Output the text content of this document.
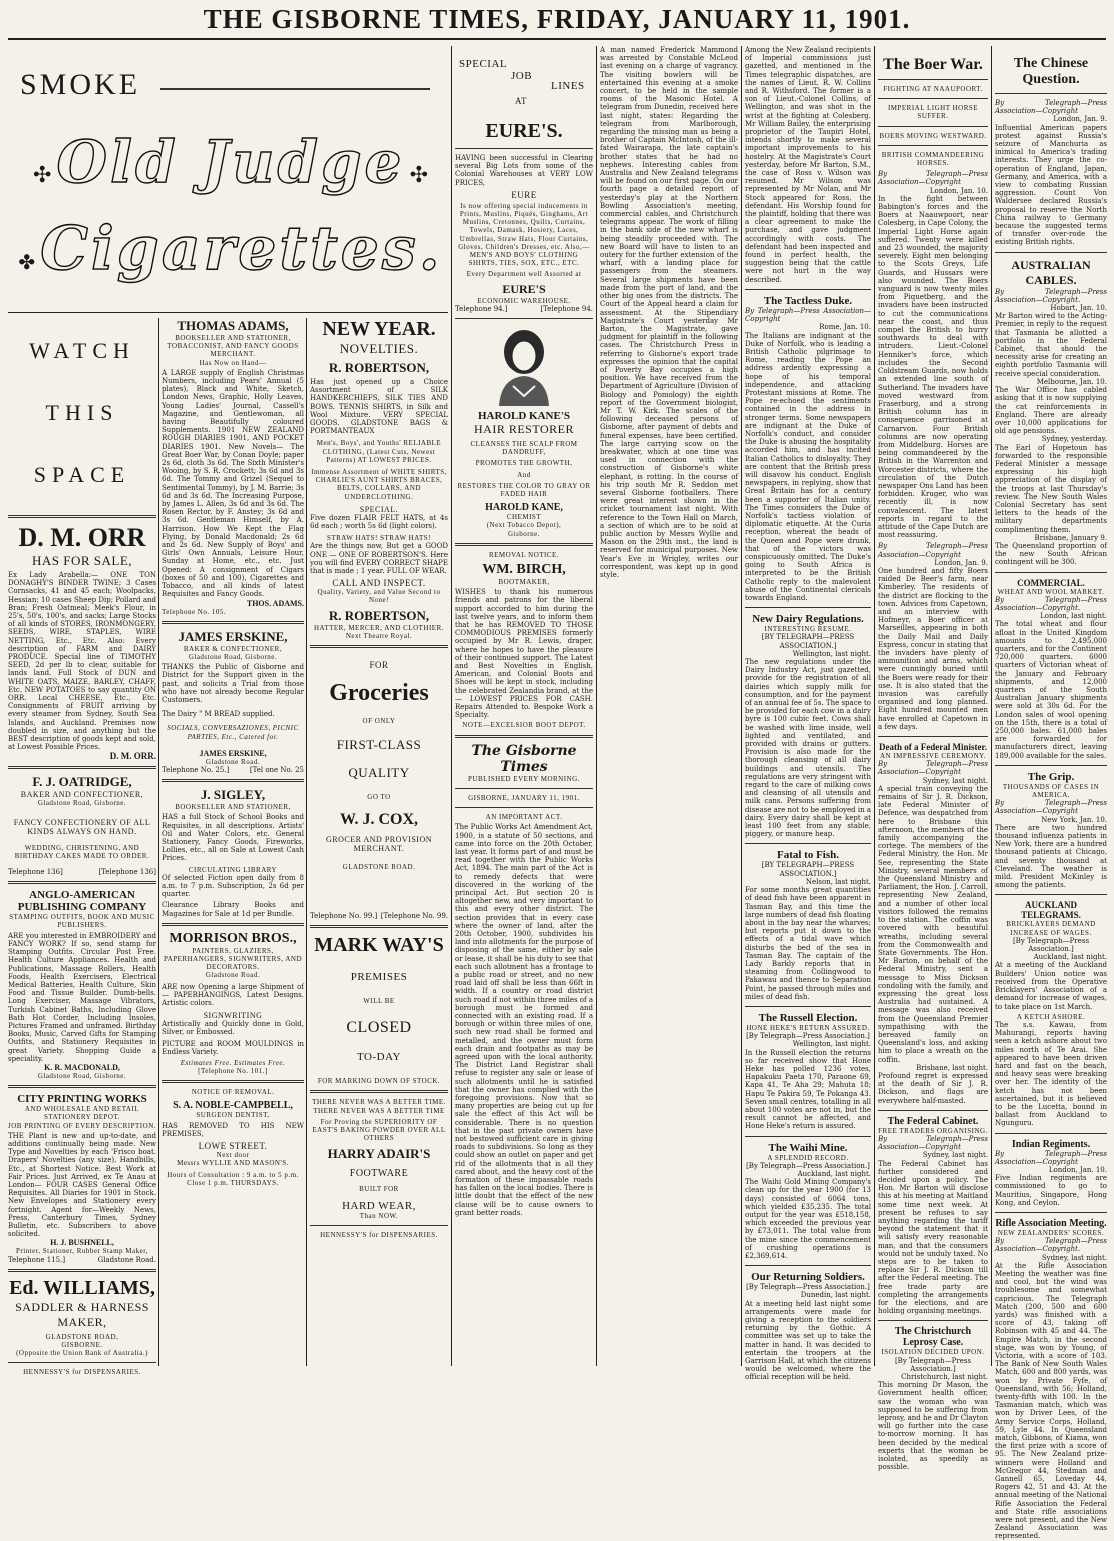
THE GISBORNE TIMES, FRIDAY, JANUARY 11, 1901.
SMOKE
✣ Old Judge ✣
✤ Cigarettes.
WATCH
THIS
SPACE
D. M. ORR
HAS FOR SALE,
Ex Lady Arabella:— ONE TON DONAGHY'S BINDER TWINE; 3 Cases Cornsacks, 41 and 45 each; Woolpacks, Hessian; 10 cases Sheep Dip; Pollard and Bran; Fresh Oatmeal; Meek's Flour, in 25's, 50's, 100's, and sacks; Large Stocks of all kinds of STORES, IRONMONGERY, SEEDS, WIRE, STAPLES, WIRE NETTING, Etc., Etc. Also: Every description of FARM and DAIRY PRODUCE. Special line of TIMOTHY SEED, 2d per lb to clear, suitable for lands land. Full Stock of DUN and WHITE OATS, MAIZE, BARLEY, CHAFF, Etc. NEW POTATOES to say quantity ON ORR. Local CHEESE, Etc., Etc. Consignments of FRUIT arriving by every steamer from Sydney, South Sea Islands, and Auckland. Premises now doubled in size, and anything but the BEST description of goods kept and sold, at Lowest Possible Prices.
D. M. ORR.
F. J. OATRIDGE,
BAKER AND CONFECTIONER,
Gladstone Road, Gisborne.
FANCY CONFECTIONERY OF ALL KINDS ALWAYS ON HAND.
WEDDING, CHRISTENING, AND BIRTHDAY CAKES MADE TO ORDER.
Telephone 136]	[Telephone 136]
ANGLO-AMERICAN PUBLISHING COMPANY
STAMPING OUTFITS, BOOK AND MUSIC PUBLISHERS.
ARE you interested in EMBROIDERY and FANCY WORK? If so, send stamp for Stamping Outfits. Circular Post Free. Health Culture Appliances. Health and Publications, Massage Rollers, Health Foods, Health Exercisers, Electrical Medical Batteries, Health Culture, Skin Food and Tissue Builder. Dumb-bells. Long Exerciser, Massage Vibrators, Turkish Cabinet Baths, Including Glove Bath Hot Corder, Including Insoles, Pictures Framed and unframed. Birthday Books, Music, Carved Gifts for Stamping Outfits, and Stationery Requisites in great Variety. Shopping Guide a speciality.
K. R. MACDONALD,
Gladstone Road, Gisborne.
CITY PRINTING WORKS
AND WHOLESALE AND RETAIL STATIONERY DEPOT.
JOB PRINTING OF EVERY DESCRIPTION.
THE Plant is new and up-to-date, and additions continually being made. New Type and Novelties by each 'Frisco boat. Drapers' Novelties (any size), Handbills, Etc., at Shortest Notice. Best Work at Fair Prices. Just Arrived, ex Te Anau at London— FOUR CASES General Office Requisites. All Diaries for 1901 in Stock. New Envelopes and Stationery every fortnight. Agent for—Weekly News, Press, Canterbury Times, Sydney Bulletin, etc. Subscribers to above solicited.
H. J. BUSHNELL,
Printer, Stationer, Rubber Stamp Maker,
Telephone 115.]	Gladstone Road.
Ed. WILLIAMS,
SADDLER & HARNESS MAKER,
GLADSTONE ROAD,
GISBORNE.
(Opposite the Union Bank of Australia.)
HENNESSY'S for DISPENSARIES.
THOMAS ADAMS,
BOOKSELLER AND STATIONER, TOBACCONIST, AND FANCY GOODS MERCHANT.
Has Now on Hand—
A LARGE supply of English Christmas Numbers, including Pears' Annual (5 plates), Black and White, Sketch, London News, Graphic, Holly Leaves, Young Ladies' Journal, Cassell's Magazine, and Gentlewoman, all having Beautifully coloured Supplements. 1901 NEW ZEALAND ROUGH DIARIES 1901, AND POCKET DIARIES 1901. New Novels— The Great Boer War, by Conan Doyle; paper 2s 6d, cloth 3s 6d. The Sixth Minister's Wooing, by S. R. Crockett; 3s 6d and 3s 6d. The Tommy and Grizel (Sequel to Sentimental Tommy), by J. M. Barrie; 3s 6d and 3s 6d. The Increasing Purpose, by James L. Allen, 3s 6d and 3s 6d. The Rosen Rector, by F. Anstey; 3s 6d and 3s 6d. Gentleman Himself, by A. Harrison. How We Kept the Flag Flying, by Donald Macdonald; 2s 6d and 2s 6d. New Supply of Boys' and Girls' Own Annuals, Leisure Hour, Sunday at Home, etc., etc. Just Opened: A consignment of Cigars (boxes of 50 and 100), Cigarettes and Tobacco, and all kinds of latest Requisites and Fancy Goods.
THOS. ADAMS.
Telephone No. 105.
JAMES ERSKINE,
BAKER & CONFECTIONER,
Gladstone Road, Gisborne.
THANKS the Public of Gisborne and District for the Support given in the past, and solicits a Trial from those who have not already become Regular Customers.
The Dairy " M BREAD supplied.
SOCIALS, CONVERSAZIONES, PICNIC PARTIES, Etc., Catered for.
JAMES ERSKINE,
Gladstone Road.
Telephone No. 25.]	[Tel one No. 25
J. SIGLEY,
BOOKSELLER AND STATIONER,
HAS a full Stock of School Books and Requisites, in all descriptions. Artists' Oil and Water Colors, etc. General Stationery, Fancy Goods, Fireworks, Lollies, etc., all on Sale at Lowest Cash Prices.
CIRCULATING LIBRARY
Of selected Fiction open daily from 8 a.m. to 7 p.m. Subscription, 2s 6d per quarter.
Clearance Library Books and Magazines for Sale at 1d per Bundle.
MORRISON BROS.,
PAINTERS, GLAZIERS, PAPERHANGERS, SIGNWRITERS, AND DECORATORS.
Gladstone Road.
ARE now Opening a large Shipment of— PAPERHANGINGS, Latest Designs. Artistic colors.
SIGNWRITING
Artistically and Quickly done in Gold, Silver, or Embossed.
PICTURE and ROOM MOULDINGS in Endless Variety.
Estimates Free. Estimates Free.
[Telephone No. 101.]
NOTICE OF REMOVAL.
S. A. NOBLE-CAMPBELL,
SURGEON DENTIST,
HAS REMOVED TO HIS NEW PREMISES,
LOWE STREET.
Next door
Messrs WYLLIE AND MASON'S.
Hours of Consultation : 9 a.m. to 5 p.m.
Close 1 p.m. THURSDAYS.
NEW YEAR.
NOVELTIES.
R. ROBERTSON,
Has just opened up a Choice Assortment of SILK HANDKERCHIEFS, SILK TIES AND BOWS. TENNIS SHIRTS, in Silk and Wool Mixture. VERY SPECIAL GOODS. GLADSTONE BAGS & PORTMANTEAUX
Men's, Boys', and Youths' RELIABLE CLOTHING, (Latest Cuts, Newest Patterns) AT LOWEST PRICES.
Immense Assortment of WHITE SHIRTS, CHARLIE'S AUNT SHIRTS BRACES, BELTS, COLLARS, AND UNDERCLOTHING.
SPECIAL.
Five dozen FLAIR FELT HATS, at 4s 6d each ; worth 5s 6d (light colors).
STRAW HATS! STRAW HATS!
Are the things now, But get a GOOD ONE — ONE OF ROBERTSON'S. Here you will find EVERY CORRECT SHAPE that is made ; 1 year. FULL OF WEAR.
CALL AND INSPECT.
Quality, Variety, and Value Second to None!
R. ROBERTSON,
HATTER, MERCER, AND CLOTHIER. Next Theatre Royal.
FOR
Groceries
OF ONLY
FIRST-CLASS
QUALITY
GO TO
W. J. COX,
GROCER AND PROVISION MERCHANT.
GLADSTONE ROAD.
Telephone No. 99.] [Telephone No. 99.
MARK WAY'S
PREMISES
WILL BE
CLOSED
TO-DAY
FOR MARKING DOWN OF STOCK.
THERE NEVER WAS A BETTER TIME. THERE NEVER WAS A BETTER TIME
For Proving the SUPERIORITY OF EAST'S BAKING POWDER OVER ALL OTHERS
HARRY ADAIR'S
FOOTWARE
BUILT FOR
HARD WEAR,
Than NOW.
HENNESSY'S for DISPENSARIES.
SPECIAL
JOB
LINES
AT
EURE'S.
HAVING been successful in Clearing several Big Lots from some of the Colonial Warehouses at VERY LOW PRICES,
EURE
Is now offering special inducements in Prints, Muslins, Piqués, Ginghams, Art Muslins, Cretonnes, Quilts, Curtains, Towels, Damask, Hosiery, Laces, Umbrellas, Straw Hats, Flour Curtains, Gloves, Children's Dresses, etc. Also,— MEN'S AND BOYS' CLOTHING SHIRTS, TIES, SOX, ETC., ETC.
Every Department well Assorted at
EURE'S
ECONOMIC WAREHOUSE.
Telephone 94.]	[Telephone 94.
A man named Frederick Mammond was arrested by Constable McLeod last evening on a charge of vagrancy. The visiting bowlers will be entertained this evening at a smoke concert, to be held in the sample rooms of the Masonic Hotel. A telegram from Dunedin, received here last night, states: Regarding the telegram from Marlborough, regarding the missing man as being a brother of Captain McIntosh, of the ill-fated Wairarapa, the late captain's brother states that he had no nephews. Interesting cables from Australia and New Zealand telegrams will be found on our first page. On our fourth page a detailed report of yesterday's play at the Northern Bowling Association's meeting, commercial cables, and Christchurch telegrams appear. The work of filling in the bank side of the new wharf is being steadily proceeded with. The new Board will have to listen to an outery for the further extension of the wharf, with a landing place for passengers from the steamers. Several large shipments have been made from the port of land, and the other big ones from the districts. The Court of the Appeal heard a claim for assessment. At the Stipendiary Magistrate's Court yesterday Mr Barton, the Magistrate, gave judgment for plaintiff in the following cases. The Christchurch Press in referring to Gisborne's export trade expresses the opinion that the capital of Poverty Bay occupies a high position. We have received from the Department of Agriculture (Division of Biology and Pomology) the eighth report of the Government biologist, Mr T. W. Kirk. The scales of the following deceased persons of Gisborne, after payment of debts and funeral expenses, have been certified. The large carrying scow on the breakwater, which at one time was used in connection with the construction of Gisborne's white elephant, is rotting. In the course of his trip south Mr R. Seddon met several Gisborne footballers. There were great interest shown in the cricket tournament last night. With reference to the Town Hall on March, a section of which are to be sold at public auction by Messrs Wyllie and Mason on the 29th inst., the land is reserved for municipal purposes. New Year's Eve in Wrigley, writes our correspondent, was kept up in good style.
HAROLD KANE'S
HAIR RESTORER
CLEANSES THE SCALP FROM DANDRUFF,
PROMOTES THE GROWTH,
And
RESTORES THE COLOR TO GRAY OR FADED HAIR
HAROLD KANE,
CHEMIST
(Next Tobacco Depot),
Gisborne.
REMOVAL NOTICE.
WM. BIRCH,
BOOTMAKER,
WISHES to thank his numerous friends and patrons for the liberal support accorded to him during the last twelve years, and to inform them that he has REMOVED TO THOSE COMMODIOUS PREMISES formerly occupied by Mr R. Lewis, draper, where he hopes to have the pleasure of their continued support. The Latest and Best Novelties in English, American, and Colonial Boots and Shoes will be kept in stock, including the celebrated Zealandia brand, at the— LOWEST PRICES FOR CASH. Repairs Attended to. Bespoke Work a Specialty.
NOTE—EXCELSIOR BOOT DEPOT.
The Gisborne Times
PUBLISHED EVERY MORNING.
GISBORNE, JANUARY 11, 1901.
AN IMPORTANT ACT.
The Public Works Act Amendment Act, 1900, is a statute of 50 sections, and came into force on the 20th October, last year. It forms part of and must be read together with the Public Works Act, 1894. The main part of the Act is to remedy defects that were discovered in the working of the principal Act. But section 20 is altogether new, and very important to this and every other district. The section provides that in every case where the owner of land, after the 20th October, 1900, subdivides his land into allotments for the purpose of disposing of the same, either by sale or lease, it shall be his duty to see that each such allotment has a frontage to a public road or street, and no new road laid off shall be less than 66ft in width. If a country or road district such road if not within three miles of a borough must be formed and connected with an existing road. If a borough or within three miles of one, such new road shall be formed and metalled, and the owner must form each drain and footpaths as may be agreed upon with the local authority. The District Land Registrar shall refuse to register any sale or lease of such allotments until he is satisfied that the owner has complied with the foregoing provisions. Now that so many properties are being cut up for sale the effect of this Act will be considerable. There is no question that in the past private owners have not bestowed sufficient care in giving roads to subdivisions. So long as they could show an outlet on paper and get rid of the allotments that is all they cared about, and the heavy cost of the formation of these impassable roads has fallen on the local bodies. There is little doubt that the effect of the new clause will be to cause owners to grant better roads.
Among the New Zealand recipients of Imperial commissions just gazetted, and mentioned in the Times telegraphic dispatches, are the names of Lieut. R. W. Collins and R. Withsford. The former is a son of Lieut.-Colonel Collins, of Wellington, and was shot in the wrist at the fighting at Colesberg. Mr William Bailey, the enterprising proprietor of the Taupiri Hotel, intends shortly to make several important improvements to his hostelry. At the Magistrate's Court yesterday, before Mr Barton, S.M., the case of Ross v. Wilson was resumed. Mr Wilson was represented by Mr Nolan, and Mr Stock appeared for Ross, the defendant. His Worship found for the plaintiff, holding that there was a clear agreement to make the purchase, and gave judgment accordingly with costs. The defendant had been inspected and found in perfect health, the suggestion being that the cattle were not hurt in the way described.
The Tactless Duke.
By Telegraph—Press Association—Copyright
Rome, Jan. 10.
The Italians are indignant at the Duke of Norfolk, who is leading a British Catholic pilgrimage to Rome, reading the Pope an address ardently expressing a hope of his temporal independence, and attacking Protestant missions at Rome. The Pope re-echoed the sentiments contained in the address in stronger terms. Some newspapers are indignant at the Duke of Norfolk's conduct, and consider the Duke is abusing the hospitality accorded him, and has incited Italian Catholics to disloyalty. They are content that the British press will disavow his conduct. English newspapers, in replying, show that Great Britain has for a century been a supporter of Italian unity. The Times considers the Duke of Norfolk's tactless violation of diplomatic etiquette. At the Curia reception, whereat the heads of the Queen and Pope were drunk, that of the victors was conspicuously omitted. The Duke's going to South Africa is interpreted to be the British Catholic reply to the malevolent abuse of the Continental clericals towards England.
New Dairy Regulations.
INTERESTING RESUME.
[BY TELEGRAPH—PRESS ASSOCIATION.]
Wellington, last night.
The new regulations under the Dairy Industry Act, just gazetted, provide for the registration of all dairies which supply milk for consumption, and for the payment of an annual fee of 5s. The space to be provided for each cow in a dairy byre is 100 cubic feet. Cows shall be washed with lime inside, well lighted and ventilated, and provided with drains or gutters. Provision is also made for the thorough cleansing of all dairy buildings and utensils. The regulations are very stringent with regard to the care of milking cows and cleansing of all utensils and milk cans. Persons suffering from disease are not to be employed in a dairy. Every dairy shall be kept at least 100 feet from any stable, piggery, or manure heap.
Fatal to Fish.
[BY TELEGRAPH—PRESS ASSOCIATION.]
Nelson, last night.
For some months great quantities of dead fish have been apparent in Tasman Bay, and this time the large numbers of dead fish floating about in the bay near the wharves; but reports put it down to the effects of a tidal wave which disturbs the bed of the sea in Tasman Bay. The captain of the Lady Barkly reports that in steaming from Collingwood to Pakawau and thence to Separation Point, he passed through miles and miles of dead fish.
The Russell Election.
HONE HEKE'S RETURN ASSURED.
[By Telegraph—Press Association.]
Wellington, last night.
In the Russell election the returns so far received show that Hone Heke has polled 1236 votes, Hapakuku Paeta 170, Paraone 69, Kapa 41, Te Aha 29; Mahuta 18; Hapu Te Pakira 59, Te Pokanga 43. Seven small centres, totalling in all about 100 votes are not in, but the result cannot be affected, and Hone Heke's return is assured.
The Waihi Mine.
A SPLENDID RECORD.
[By Telegraph—Press Association.]
Auckland, last night.
The Waihi Gold Mining Company's clean up for the year 1900 (for 13 days) consisted of 6064 tons, which yielded £35,235. The total output for the year was £518,158, which exceeded the previous year by £73,011. The total value from the mine since the commencement of crushing operations is £2,369,614.
Our Returning Soldiers.
[By Telegraph—Press Association.]
Dunedin, last night.
At a meeting held last night some arrangements were made for giving a reception to the soldiers returning by the Gothic. A committee was set up to take the matter in hand. It was decided to entertain the troopers at the Garrison Hall, at which the citizens would be welcomed, where the official reception will be held.
The Boer War.
FIGHTING AT NAAUPOORT.
IMPERIAL LIGHT HORSE SUFFER.
BOERS MOVING WESTWARD.
BRITISH COMMANDEERING HORSES.
By Telegraph—Press Association—Copyright
London, Jan. 10.
In the fight between Babington's forces and the Boers at Naauwpoort, near Colesberg, in Cape Colony, the Imperial Light Horse again suffered. Twenty were killed and 23 wounded, the majority severely. Eight men belonging to the Scots Greys, Life Guards, and Hussars were also wounded. The Boers vanguard is now twenty miles from Piquetberg, and the invaders have been instructed to cut the communications near the coast, and thus compel the British to hurry southwards to deal with intruders. Lieut.-Colonel Henniker's force, which includes the Second Coldstream Guards, now holds an extended line south of Sutherland. The invaders have moved westward from Fraserburg, and a strong British column has in consequence garrisoned at Carnarvon. Four British columns are now operating from Middelburg. Horses are being commandeered by the British in the Warrenton and Worcester districts, where the circulation of the Dutch newspaper Ons Land has been forbidden. Kruger, who was recently ill, is now convalescent. The latest reports in regard to the attitude of the Cape Dutch are most reassuring.
By Telegraph—Press Association—Copyright
London, Jan. 9.
One hundred and fifty Boers raided De Beer's farm, near Kimberley. The residents of the district are flocking to the town. Advices from Capetown, and an interview with Hofmeyr, a Boer officer at Marseilles, appearing in both the Daily Mail and Daily Express, concur in stating that the invaders have plenty of ammunition and arms, which were cunningly buried until the Boers were ready for their use. It is also stated that the invasion was carefully organised and long planned. Eight hundred mounted men have enrolled at Capetown in a few days.
Death of a Federal Minister.
AN IMPRESSIVE CEREMONY.
By Telegraph—Press Association—Copyright
Sydney, last night.
A special train conveying the remains of Sir J. R. Dickson, late Federal Minister of Defence, was despatched from here to Brisbane this afternoon, the members of the family accompanying the cortege. The members of the Federal Ministry, the Hon. Mr See, representing the State Ministry, several members of the Queensland Ministry and Parliament, the Hon. J. Carroll, representing New Zealand, and a number of other local visitors followed the remains to the station. The coffin was covered with beautiful wreaths, including several from the Commonwealth and State Governments. The Hon. Mr Barton, on behalf of the Federal Ministry, sent a message to Miss Dickson condoling with the family, and expressing the great loss Australia had sustained. A message was also received from the Queensland Premier sympathising with the bereaved family on Queensland's loss, and asking him to place a wreath on the coffin.
Brisbane, last night.
Profound regret is expressed at the death of Sir J. R. Dickson, and flags are everywhere half-masted.
The Federal Cabinet.
FREE TRADERS ORGANISING.
By Telegraph—Press Association—Copyright
Sydney, last night.
The Federal Cabinet has further considered and decided upon a policy. The Hon. Mr Barton will disclose this at his meeting at Maitland some time next week. At present he refuses to say anything regarding the tariff beyond the statement that it will satisfy every reasonable man, and that the consumers would not be unduly taxed. No steps are to be taken to replace Sir J. R. Dickson till after the Federal meeting. The free trade party are completing the arrangements for the elections, and are holding organising meetings.
The Christchurch Leprosy Case.
ISOLATION DECIDED UPON.
[By Telegraph—Press Association.]
Christchurch, last night.
This morning Dr Mason, the Government health officer, saw the woman who was supposed to be suffering from leprosy, and he and Dr Clayton will go further into the case to-morrow morning. It has been decided by the medical experts that the woman be isolated, as speedily as possible.
The Chinese Question.
By Telegraph—Press Association—Copyright
London, Jan. 9.
Influential American papers protest against Russia's seizure of Manchuria as inimical to America's trading interests. They urge the co-operation of England, Japan, Germany, and America, with a view to combating Russian aggression. Count Von Waldersee declared Russia's proposal to reserve the North China railway to Germany because the suggested terms of transfer over-rode the existing British rights.
AUSTRALIAN CABLES.
By Telegraph—Press Association—Copyright.
Hobart, Jan. 10.
Mr Barton wired to the Acting-Premier, in reply to the request that Tasmania be allotted a portfolio in the Federal Cabinet, that should the necessity arise for creating an eighth portfolio Tasmania will receive special consideration.
Melbourne, Jan. 10.
The War Office has cabled asking that it is now supplying the cat reinforcements in England. There are already over 10,000 applications for old age pensions.
Sydney, yesterday.
The Earl of Hopetoun has forwarded to the responsible Federal Minister a message expressing his high appreciation of the display of the troops at last Thursday's review. The New South Wales Colonial Secretary has sent letters to the heads of the military departments complimenting them.
Brisbane, January 9.
The Queensland proportion of the new South African contingent will be 300.
COMMERCIAL.
WHEAT AND WOOL MARKET.
By Telegraph—Press Association—Copyright.
London, last night.
The total wheat and flour afloat in the United Kingdom amounts to 2,495,000 quarters, and for the Continent 720,000 quarters. 6000 quarters of Victorian wheat of the January and February shipments, and 12,000 quarters of the South Australian January shipments were sold at 30s 6d. For the London sales of wool opening on the 15th, there is a total of 250,000 bales. 61,000 bales are forwarded for manufacturers direct, leaving 189,000 available for the sales.
The Grip.
THOUSANDS OF CASES IN AMERICA.
By Telegraph—Press Association—Copyright
New York, Jan. 10.
There are two hundred thousand influenza patients in New York, there are a hundred thousand patients at Chicago, and seventy thousand at Cleveland. The weather is mild. President McKinley is among the patients.
AUCKLAND TELEGRAMS.
BRICKLAYERS DEMAND INCREASE OF WAGES.
[By Telegraph—Press Association.]
Auckland, last night.
At a meeting of the Auckland Builders' Union notice was received from the Operative Bricklayers' Association of a demand for increase of wages, to take place on 1st March.
A KETCH ASHORE.
The s.s. Kawau, from Mahurangi, reports having seen a ketch ashore about two miles north of Te Arai. She appeared to have been driven hard and fast on the beach, and heavy seas were breaking over her. The identity of the ketch has not been ascertained, but it is believed to be the Lucetta, bound in ballast from Auckland to Ngunguru.
Indian Regiments.
By Telegraph—Press Association—Copyright
London, Jan. 10.
Five Indian regiments are commissioned to go to Mauritius, Singapore, Hong Kong, and Ceylon.
Rifle Association Meeting.
NEW ZEALANDERS' SCORES.
By Telegraph—Press Association—Copyright.
Sydney, last night.
At the Rifle Association Meeting the weather was fine and cool, but the wind was troublesome and somewhat capricious. The Telegraph Match (200, 500 and 600 yards) was finished with a score of 43, taking off Robinson with 45 and 44. The Empire Match, in the second stage, was won by Young, of Victoria, with a score of 103. The Bank of New South Wales Match, 600 and 800 yards, was won by Private Fyfe, of Queensland, with 56; Holland, twenty-fifth with 100. In the Tasmanian match, which was won by Driver Lees, of the Army Service Corps, Holland, 59, Lyle 44. In Queensland match, Gibbons, of Kiama, won the first prize with a score of 95. The New Zealand prize-winners were Holland and McGregor 44, Stedman and Gannell 65, Loveday 44, Rogers 42, 51 and 43. At the annual meeting of the National Rifle Association the Federal and State rifle associations were not present, and the New Zealand Association was represented.
